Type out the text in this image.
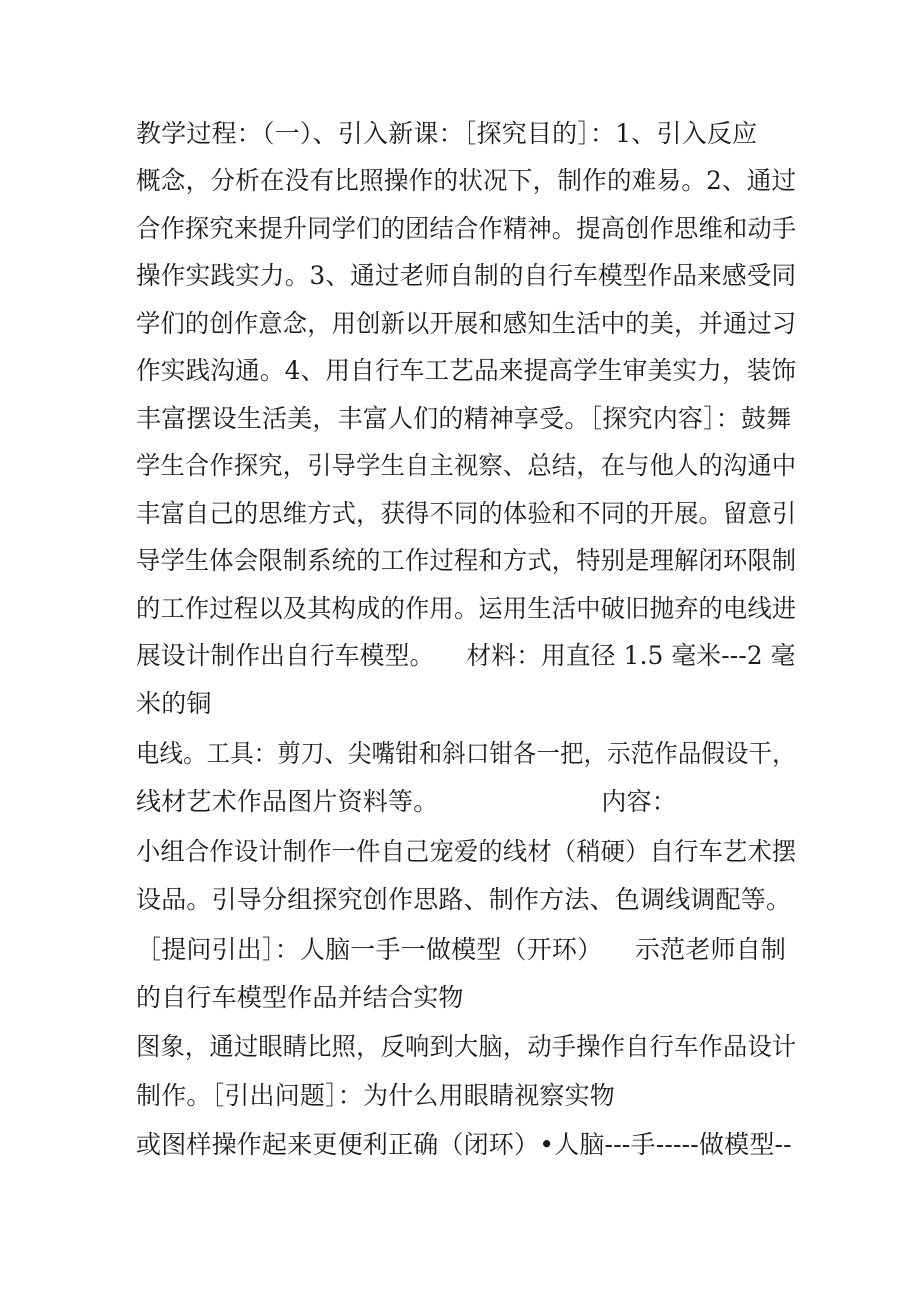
教学过程：（一）、引入新课：［探究目的］：1、引入反应
概念，分析在没有比照操作的状况下，制作的难易。2、通过
合作探究来提升同学们的团结合作精神。提高创作思维和动手
操作实践实力。3、通过老师自制的自行车模型作品来感受同
学们的创作意念，用创新以开展和感知生活中的美，并通过习
作实践沟通。4、用自行车工艺品来提高学生审美实力，装饰
丰富摆设生活美，丰富人们的精神享受。［探究内容］：鼓舞
学生合作探究，引导学生自主视察、总结，在与他人的沟通中
丰富自己的思维方式，获得不同的体验和不同的开展。留意引
导学生体会限制系统的工作过程和方式，特别是理解闭环限制
的工作过程以及其构成的作用。运用生活中破旧抛弃的电线进
展设计制作出自行车模型。    材料：用直径 1.5 毫米---2 毫
米的铜
电线。工具：剪刀、尖嘴钳和斜口钳各一把，示范作品假设干，
线材艺术作品图片资料等。                    内容：
小组合作设计制作一件自己宠爱的线材（稍硬）自行车艺术摆
设品。引导分组探究创作思路、制作方法、色调线调配等。
［提问引出］：人脑一手一做模型（开环）    示范老师自制
的自行车模型作品并结合实物
图象，通过眼睛比照，反响到大脑，动手操作自行车作品设计
制作。［引出问题］：为什么用眼睛视察实物
或图样操作起来更便利正确（闭环）•人脑---手-----做模型--
